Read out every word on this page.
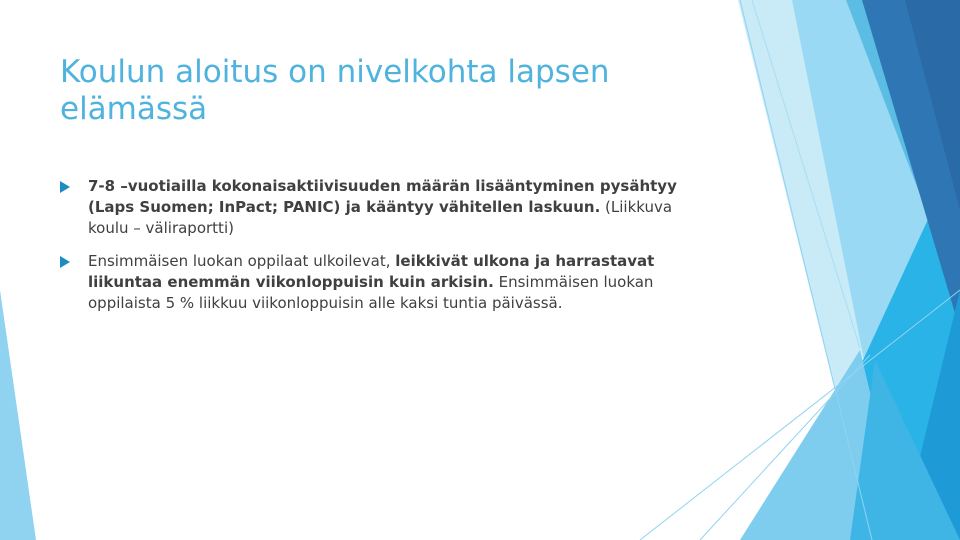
Koulun aloitus on nivelkohta lapsen elämässä
7-8 –vuotiailla kokonaisaktiivisuuden määrän lisääntyminen pysähtyy (Laps Suomen; InPact; PANIC) ja kääntyy vähitellen laskuun. (Liikkuva koulu – väliraportti)
Ensimmäisen luokan oppilaat ulkoilevat, leikkivät ulkona ja harrastavat liikuntaa enemmän viikonloppuisin kuin arkisin. Ensimmäisen luokan oppilaista 5 % liikkuu viikonloppuisin alle kaksi tuntia päivässä.
